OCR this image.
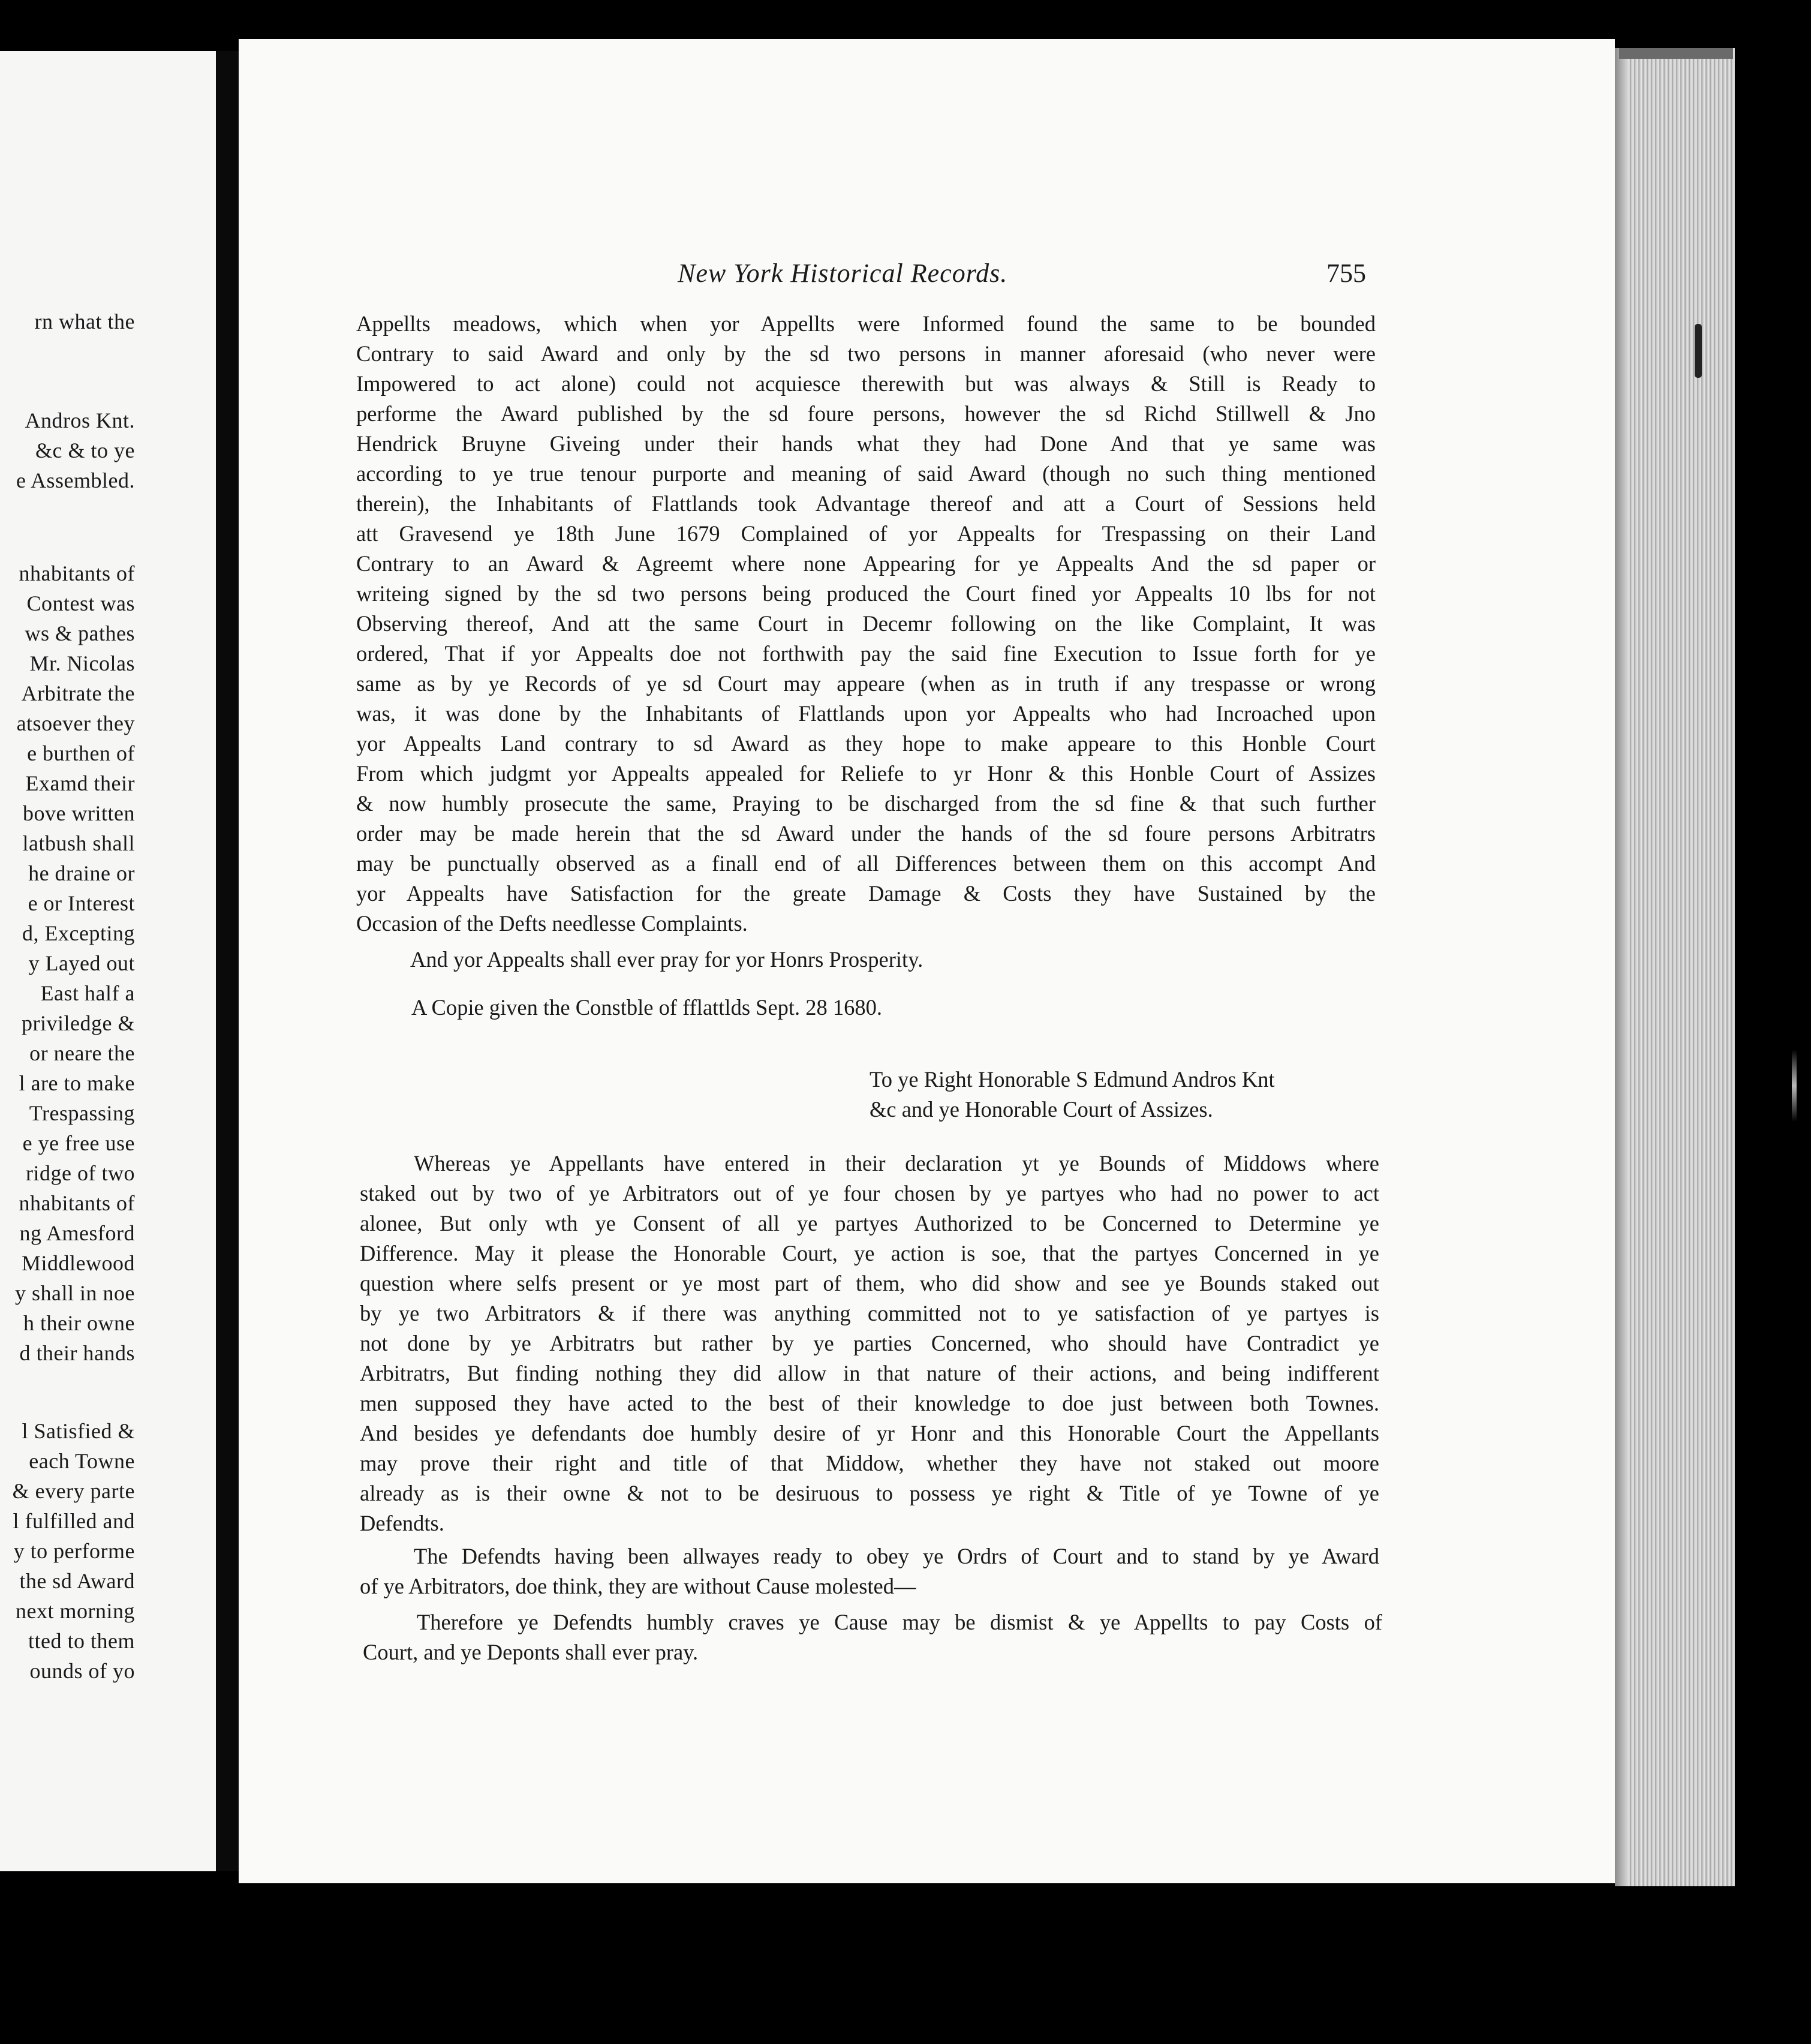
rn what the
Andros Knt.
&c & to ye
e Assembled.
nhabitants of
Contest was
ws & pathes
Mr. Nicolas
Arbitrate the
atsoever they
e burthen of
Examd their
bove written
latbush shall
he draine or
e or Interest
d, Excepting
y Layed out
East half a
priviledge &
or neare the
l are to make
Trespassing
e ye free use
ridge of two
nhabitants of
ng Amesford
Middlewood
y shall in noe
h their owne
d their hands
l Satisfied &
each Towne
& every parte
l fulfilled and
y to performe
the sd Award
next morning
tted to them
ounds of yo
New York Historical Records.	755
Appellts meadows, which when yor Appellts were Informed found the same to be bounded
Contrary to said Award and only by the sd two persons in manner aforesaid (who never were
Impowered to act alone) could not acquiesce therewith but was always & Still is Ready to
performe the Award published by the sd foure persons, however the sd Richd Stillwell & Jno
Hendrick Bruyne Giveing under their hands what they had Done And that ye same was
according to ye true tenour purporte and meaning of said Award (though no such thing mentioned
therein), the Inhabitants of Flattlands took Advantage thereof and att a Court of Sessions held
att Gravesend ye 18th June 1679 Complained of yor Appealts for Trespassing on their Land
Contrary to an Award & Agreemt where none Appearing for ye Appealts And the sd paper or
writeing signed by the sd two persons being produced the Court fined yor Appealts 10 lbs for not
Observing thereof, And att the same Court in Decemr following on the like Complaint, It was
ordered, That if yor Appealts doe not forthwith pay the said fine Execution to Issue forth for ye
same as by ye Records of ye sd Court may appeare (when as in truth if any trespasse or wrong
was, it was done by the Inhabitants of Flattlands upon yor Appealts who had Incroached upon
yor Appealts Land contrary to sd Award as they hope to make appeare to this Honble Court
From which judgmt yor Appealts appealed for Reliefe to yr Honr & this Honble Court of Assizes
& now humbly prosecute the same, Praying to be discharged from the sd fine & that such further
order may be made herein that the sd Award under the hands of the sd foure persons Arbitratrs
may be punctually observed as a finall end of all Differences between them on this accompt And
yor Appealts have Satisfaction for the greate Damage & Costs they have Sustained by the
Occasion of the Defts needlesse Complaints.
And yor Appealts shall ever pray for yor Honrs Prosperity.
A Copie given the Constble of fflattlds Sept. 28 1680.
To ye Right Honorable S Edmund Andros Knt
&c and ye Honorable Court of Assizes.
Whereas ye Appellants have entered in their declaration yt ye Bounds of Middows where
staked out by two of ye Arbitrators out of ye four chosen by ye partyes who had no power to act
alonee, But only wth ye Consent of all ye partyes Authorized to be Concerned to Determine ye
Difference. May it please the Honorable Court, ye action is soe, that the partyes Concerned in ye
question where selfs present or ye most part of them, who did show and see ye Bounds staked out
by ye two Arbitrators & if there was anything committed not to ye satisfaction of ye partyes is
not done by ye Arbitratrs but rather by ye parties Concerned, who should have Contradict ye
Arbitratrs, But finding nothing they did allow in that nature of their actions, and being indifferent
men supposed they have acted to the best of their knowledge to doe just between both Townes.
And besides ye defendants doe humbly desire of yr Honr and this Honorable Court the Appellants
may prove their right and title of that Middow, whether they have not staked out moore
already as is their owne & not to be desiruous to possess ye right & Title of ye Towne of ye
Defendts.
The Defendts having been allwayes ready to obey ye Ordrs of Court and to stand by ye Award
of ye Arbitrators, doe think, they are without Cause molested—
Therefore ye Defendts humbly craves ye Cause may be dismist & ye Appellts to pay Costs of
Court, and ye Deponts shall ever pray.
